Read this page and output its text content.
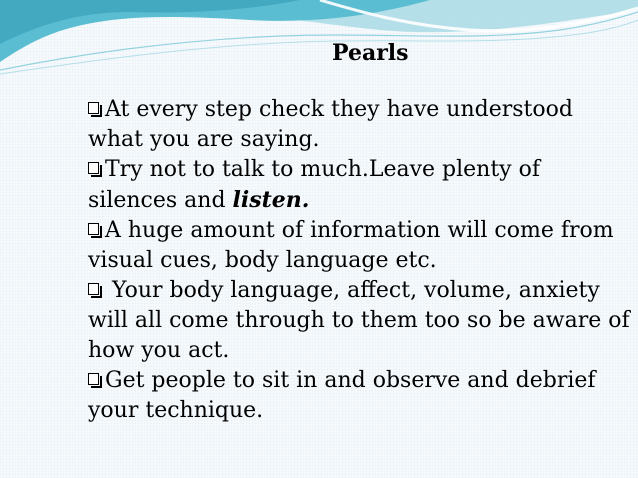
Pearls
At every step check they have understood what you are saying.
Try not to talk to much.Leave plenty of silences and listen.
A huge amount of information will come from visual cues, body language etc.
Your body language, affect, volume, anxiety will all come through to them too so be aware of how you act.
Get people to sit in and observe and debrief your technique.
